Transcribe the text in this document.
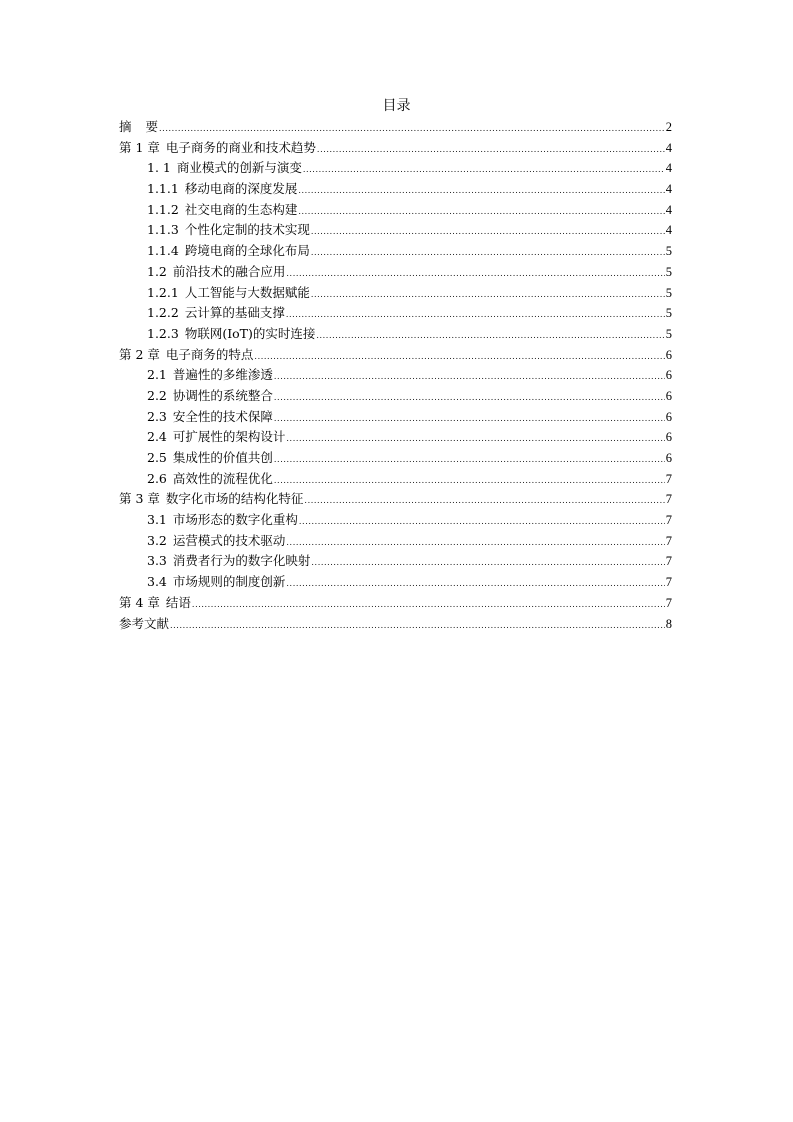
目录
摘 要 .....	2
第 1 章 电子商务的商业和技术趋势 .....	4
1. 1 商业模式的创新与演变 .....	4
1.1.1 移动电商的深度发展 .....	4
1.1.2 社交电商的生态构建 .....	4
1.1.3 个性化定制的技术实现 .....	4
1.1.4 跨境电商的全球化布局 .....	5
1.2 前沿技术的融合应用 .....	5
1.2.1 人工智能与大数据赋能 .....	5
1.2.2 云计算的基础支撑 .....	5
1.2.3 物联网(IoT)的实时连接 .....	5
第 2 章 电子商务的特点 .....	6
2.1 普遍性的多维渗透 .....	6
2.2 协调性的系统整合 .....	6
2.3 安全性的技术保障 .....	6
2.4 可扩展性的架构设计 .....	6
2.5 集成性的价值共创 .....	6
2.6 高效性的流程优化 .....	7
第 3 章 数字化市场的结构化特征 .....	7
3.1 市场形态的数字化重构 .....	7
3.2 运营模式的技术驱动 .....	7
3.3 消费者行为的数字化映射 .....	7
3.4 市场规则的制度创新 .....	7
第 4 章 结语 .....	7
参考文献 .....	8
